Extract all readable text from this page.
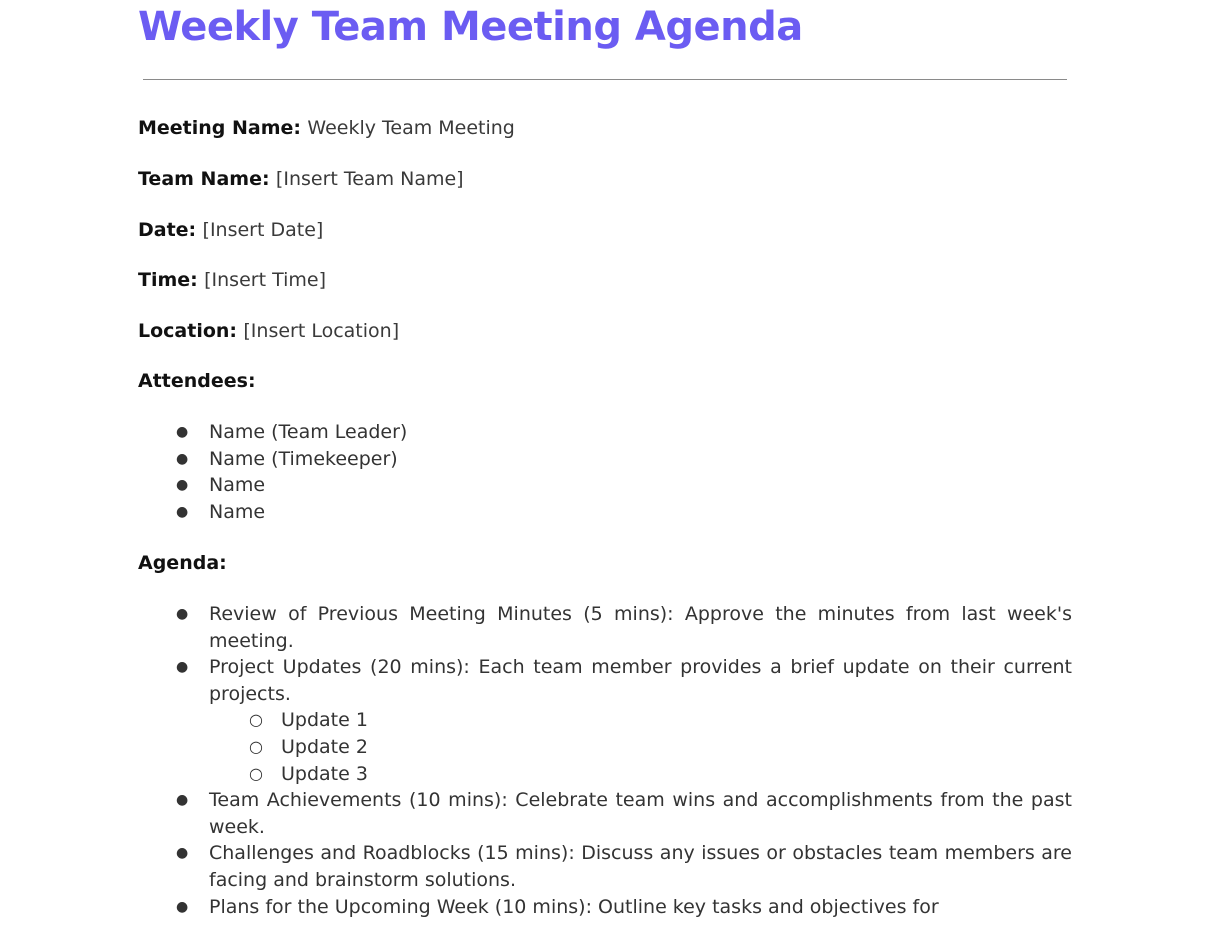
Weekly Team Meeting Agenda
Meeting Name: Weekly Team Meeting
Team Name: [Insert Team Name]
Date: [Insert Date]
Time: [Insert Time]
Location: [Insert Location]
Attendees:
● Name (Team Leader)
● Name (Timekeeper)
● Name
● Name
Agenda:
● Review of Previous Meeting Minutes (5 mins): Approve the minutes from last week's meeting.
● Project Updates (20 mins): Each team member provides a brief update on their current projects.
○ Update 1
○ Update 2
○ Update 3
● Team Achievements (10 mins): Celebrate team wins and accomplishments from the past week.
● Challenges and Roadblocks (15 mins): Discuss any issues or obstacles team members are facing and brainstorm solutions.
● Plans for the Upcoming Week (10 mins): Outline key tasks and objectives for
